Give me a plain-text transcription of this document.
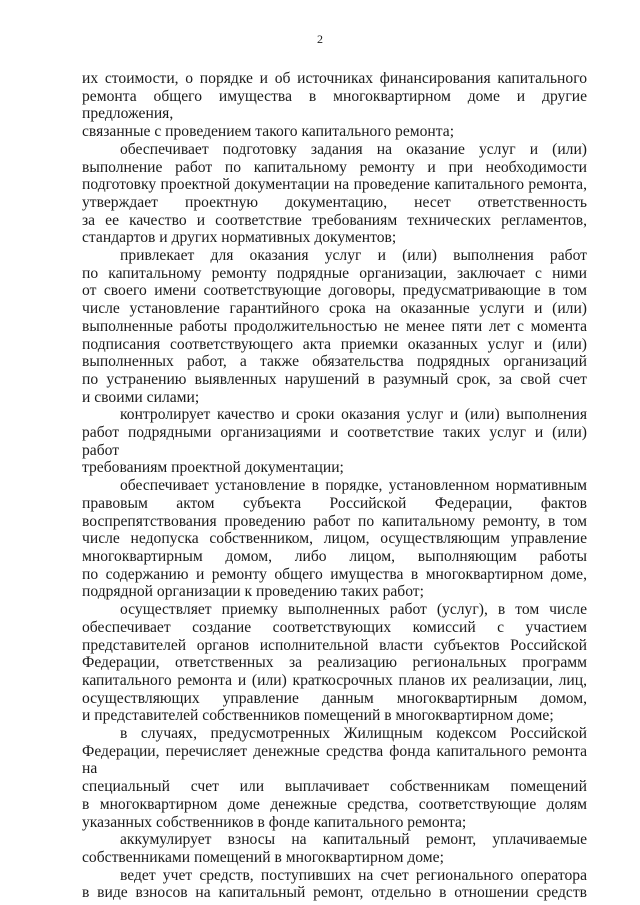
2
их стоимости, о порядке и об источниках финансирования капитального
ремонта общего имущества в многоквартирном доме и другие предложения,
связанные с проведением такого капитального ремонта;
обеспечивает подготовку задания на оказание услуг и (или)
выполнение работ по капитальному ремонту и при необходимости
подготовку проектной документации на проведение капитального ремонта,
утверждает проектную документацию, несет ответственность
за ее качество и соответствие требованиям технических регламентов,
стандартов и других нормативных документов;
привлекает для оказания услуг и (или) выполнения работ
по капитальному ремонту подрядные организации, заключает с ними
от своего имени соответствующие договоры, предусматривающие в том
числе установление гарантийного срока на оказанные услуги и (или)
выполненные работы продолжительностью не менее пяти лет с момента
подписания соответствующего акта приемки оказанных услуг и (или)
выполненных работ, а также обязательства подрядных организаций
по устранению выявленных нарушений в разумный срок, за свой счет
и своими силами;
контролирует качество и сроки оказания услуг и (или) выполнения
работ подрядными организациями и соответствие таких услуг и (или) работ
требованиям проектной документации;
обеспечивает установление в порядке, установленном нормативным
правовым актом субъекта Российской Федерации, фактов
воспрепятствования проведению работ по капитальному ремонту, в том
числе недопуска собственником, лицом, осуществляющим управление
многоквартирным домом, либо лицом, выполняющим работы
по содержанию и ремонту общего имущества в многоквартирном доме,
подрядной организации к проведению таких работ;
осуществляет приемку выполненных работ (услуг), в том числе
обеспечивает создание соответствующих комиссий с участием
представителей органов исполнительной власти субъектов Российской
Федерации, ответственных за реализацию региональных программ
капитального ремонта и (или) краткосрочных планов их реализации, лиц,
осуществляющих управление данным многоквартирным домом,
и представителей собственников помещений в многоквартирном доме;
в случаях, предусмотренных Жилищным кодексом Российской
Федерации, перечисляет денежные средства фонда капитального ремонта на
специальный счет или выплачивает собственникам помещений
в многоквартирном доме денежные средства, соответствующие долям
указанных собственников в фонде капитального ремонта;
аккумулирует взносы на капитальный ремонт, уплачиваемые
собственниками помещений в многоквартирном доме;
ведет учет средств, поступивших на счет регионального оператора
в виде взносов на капитальный ремонт, отдельно в отношении средств
